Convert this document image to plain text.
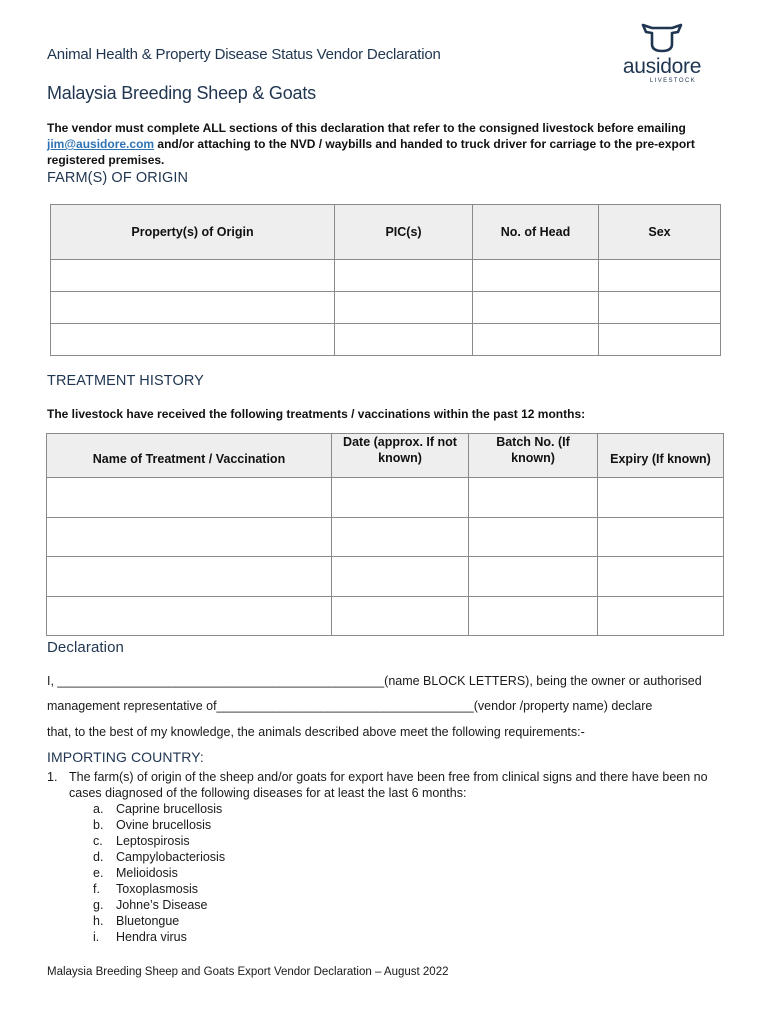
Animal Health & Property Disease Status Vendor Declaration
Malaysia Breeding Sheep & Goats
ausidore
LIVESTOCK
The vendor must complete ALL sections of this declaration that refer to the consigned livestock before emailing jim@ausidore.com and/or attaching to the NVD / waybills and handed to truck driver for carriage to the pre-export registered premises.
FARM(S) OF ORIGIN
Property(s) of Origin	PIC(s)	No. of Head	Sex

TREATMENT HISTORY
The livestock have received the following treatments / vaccinations within the past 12 months:
Name of Treatment / Vaccination	Date (approx. If not known)	Batch No. (If known)	Expiry (If known)

Declaration
I, _______________________________________________(name BLOCK LETTERS), being the owner or authorised
management representative of_____________________________________(vendor /property name) declare
that, to the best of my knowledge, the animals described above meet the following requirements:-
IMPORTING COUNTRY:
1. The farm(s) of origin of the sheep and/or goats for export have been free from clinical signs and there have been no cases diagnosed of the following diseases for at least the last 6 months:
a. Caprine brucellosis
b. Ovine brucellosis
c. Leptospirosis
d. Campylobacteriosis
e. Melioidosis
f. Toxoplasmosis
g. Johne’s Disease
h. Bluetongue
i. Hendra virus
Malaysia Breeding Sheep and Goats Export Vendor Declaration – August 2022
